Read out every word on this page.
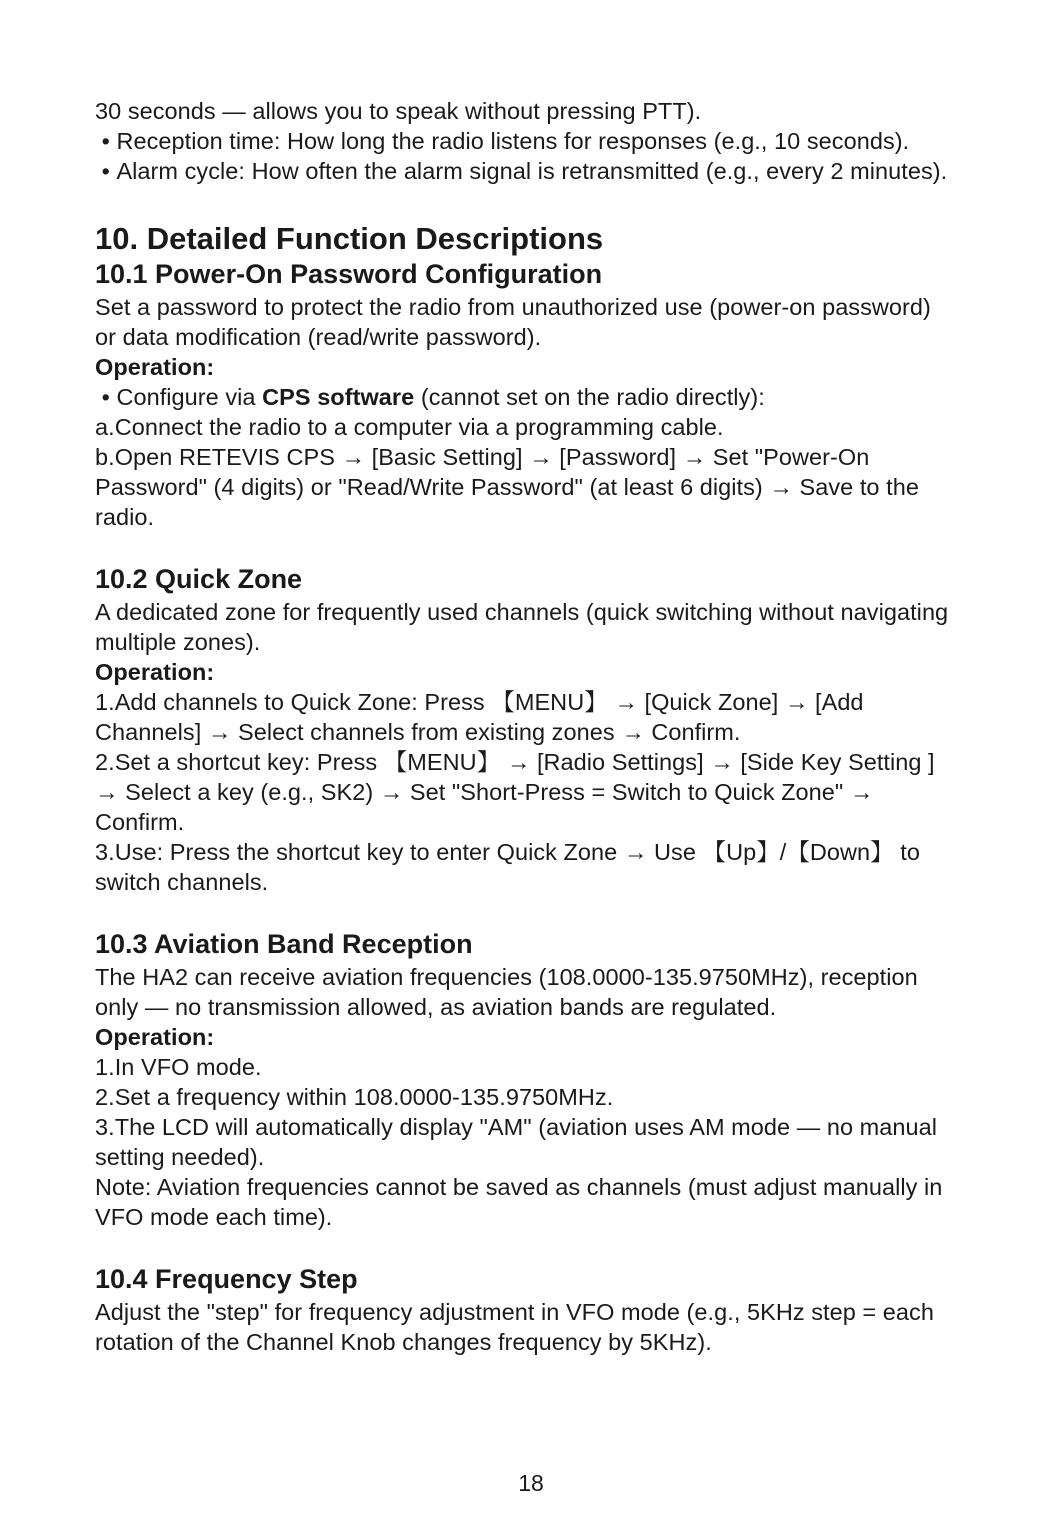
30 seconds — allows you to speak without pressing PTT).

• Reception time: How long the radio listens for responses (e.g., 10 seconds).

• Alarm cycle: How often the alarm signal is retransmitted (e.g., every 2 minutes).

10. Detailed Function Descriptions
10.1 Power-On Password Configuration

Set a password to protect the radio from unauthorized use (power-on password) or data modification (read/write password).

Operation:

• Configure via CPS software (cannot set on the radio directly):

a.Connect the radio to a computer via a programming cable.

b.Open RETEVIS CPS → [Basic Setting] → [Password] → Set "Power-On Password" (4 digits) or "Read/Write Password" (at least 6 digits) → Save to the radio.

10.2 Quick Zone

A dedicated zone for frequently used channels (quick switching without navigating multiple zones).

Operation:

1.Add channels to Quick Zone: Press 【MENU】 → [Quick Zone] → [Add Channels] → Select channels from existing zones → Confirm.

2.Set a shortcut key: Press 【MENU】 → [Radio Settings] → [Side Key Setting ] → Select a key (e.g., SK2) → Set "Short-Press = Switch to Quick Zone" → Confirm.

3.Use: Press the shortcut key to enter Quick Zone → Use 【Up】/【Down】 to switch channels.

10.3 Aviation Band Reception

The HA2 can receive aviation frequencies (108.0000-135.9750MHz), reception only — no transmission allowed, as aviation bands are regulated.

Operation:

1.In VFO mode.

2.Set a frequency within 108.0000-135.9750MHz.

3.The LCD will automatically display "AM" (aviation uses AM mode — no manual setting needed).

Note: Aviation frequencies cannot be saved as channels (must adjust manually in VFO mode each time).

10.4 Frequency Step

Adjust the "step" for frequency adjustment in VFO mode (e.g., 5KHz step = each rotation of the Channel Knob changes frequency by 5KHz).

18
